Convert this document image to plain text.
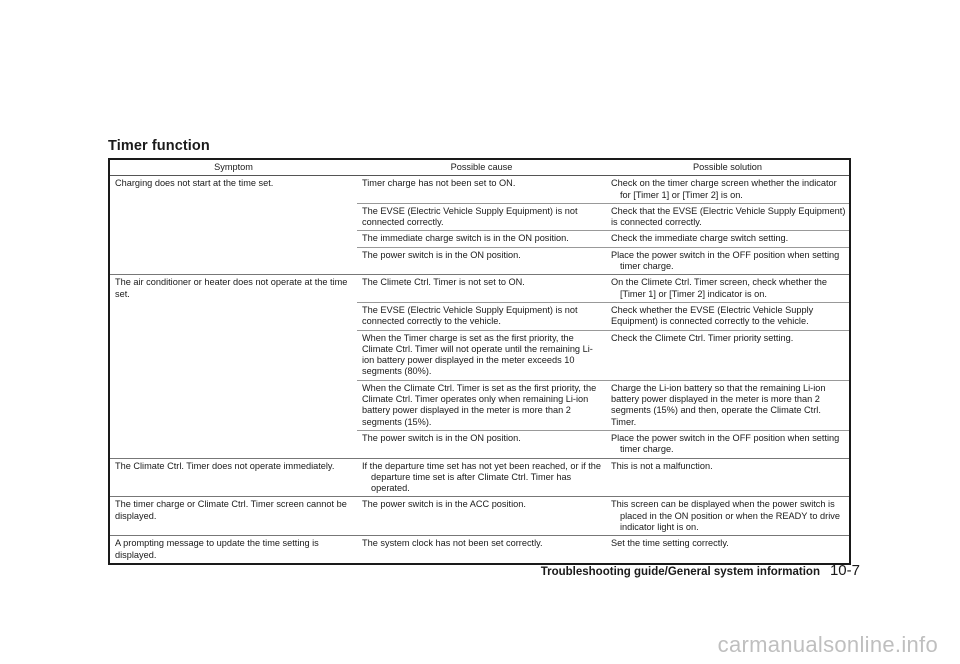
Timer function
Symptom	Possible cause	Possible solution
Charging does not start at the time set.	Timer charge has not been set to ON.	Check on the timer charge screen whether the indicator for [Timer 1] or [Timer 2] is on.

	The EVSE (Electric Vehicle Supply Equipment) is not connected correctly.	Check that the EVSE (Electric Vehicle Supply Equipment) is connected correctly.
	The immediate charge switch is in the ON position.	Check the immediate charge switch setting.
	The power switch is in the ON position.	Place the power switch in the OFF position when setting timer charge.

The air conditioner or heater does not operate at the time set.	The Climete Ctrl. Timer is not set to ON.	On the Climete Ctrl. Timer screen, check whether the [Timer 1] or [Timer 2] indicator is on.

	The EVSE (Electric Vehicle Supply Equipment) is not connected correctly to the vehicle.	Check whether the EVSE (Electric Vehicle Supply Equipment) is connected correctly to the vehicle.
	When the Timer charge is set as the first priority, the Climate Ctrl. Timer will not operate until the remaining Li-ion battery power displayed in the meter exceeds 10 segments (80%).	Check the Climete Ctrl. Timer priority setting.
	When the Climate Ctrl. Timer is set as the first priority, the Climate Ctrl. Timer operates only when remaining Li-ion battery power displayed in the meter is more than 2 segments (15%).	Charge the Li-ion battery so that the remaining Li-ion battery power displayed in the meter is more than 2 segments (15%) and then, operate the Climate Ctrl. Timer.
	The power switch is in the ON position.	Place the power switch in the OFF position when setting timer charge.

The Climate Ctrl. Timer does not operate immediately.	If the departure time set has not yet been reached, or if the departure time set is after Climate Ctrl. Timer has operated.	This is not a malfunction.
The timer charge or Climate Ctrl. Timer screen cannot be displayed.	The power switch is in the ACC position.	This screen can be displayed when the power switch is placed in the ON position or when the READY to drive indicator light is on.

A prompting message to update the time setting is displayed.	The system clock has not been set correctly.	Set the time setting correctly.
Troubleshooting guide/General system information 10-7
carmanualsonline.info
